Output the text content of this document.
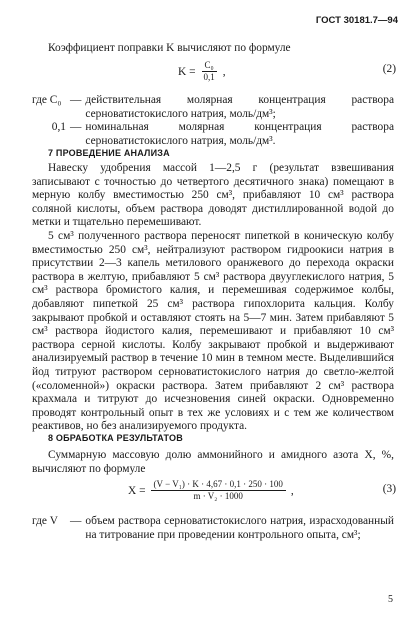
ГОСТ 30181.7—94
Коэффициент поправки K вычисляют по формуле
$K = \frac{\text{C₀}}{0,1}$ ,	(2)
где C₀ — действительная молярная концентрация раствора серноватистокислого натрия, моль/дм³;
0,1 — номинальная молярная концентрация раствора серноватистокислого натрия, моль/дм³.
7 ПРОВЕДЕНИЕ АНАЛИЗА
Навеску удобрения массой 1—2,5 г (результат взвешивания записывают с точностью до четвертого десятичного знака) помещают в мерную колбу вместимостью 250 см³, прибавляют 10 см³ раствора соляной кислоты, объем раствора доводят дистиллированной водой до метки и тщательно перемешивают.
5 см³ полученного раствора переносят пипеткой в коническую колбу вместимостью 250 см³, нейтрализуют раствором гидроокиси натрия в присутствии 2—3 капель метилового оранжевого до перехода окраски раствора в желтую, прибавляют 5 см³ раствора двууглекислого натрия, 5 см³ раствора бромистого калия, и перемешивая содержимое колбы, добавляют пипеткой 25 см³ раствора гипохлорита кальция. Колбу закрывают пробкой и оставляют стоять на 5—7 мин. Затем прибавляют 5 см³ раствора йодистого калия, перемешивают и прибавляют 10 см³ раствора серной кислоты. Колбу закрывают пробкой и выдерживают анализируемый раствор в течение 10 мин в темном месте. Выделившийся йод титруют раствором серноватистокислого натрия до светло-желтой («соломенной») окраски раствора. Затем прибавляют 2 см³ раствора крахмала и титруют до исчезновения синей окраски. Одновременно проводят контрольный опыт в тех же условиях и с тем же количеством реактивов, но без анализируемого продукта.
8 ОБРАБОТКА РЕЗУЛЬТАТОВ
Суммарную массовую долю аммонийного и амидного азота X, %, вычисляют по формуле
$X = \frac{\text{(V − V₁) · K · 4,67 · 0,1 · 250 · 100}}{\text{m · V₂ · 1000}}$ ,	(3)
где V	— объем раствора серноватистокислого натрия, израсходованный на титрование при проведении контрольного опыта, см³;
5
